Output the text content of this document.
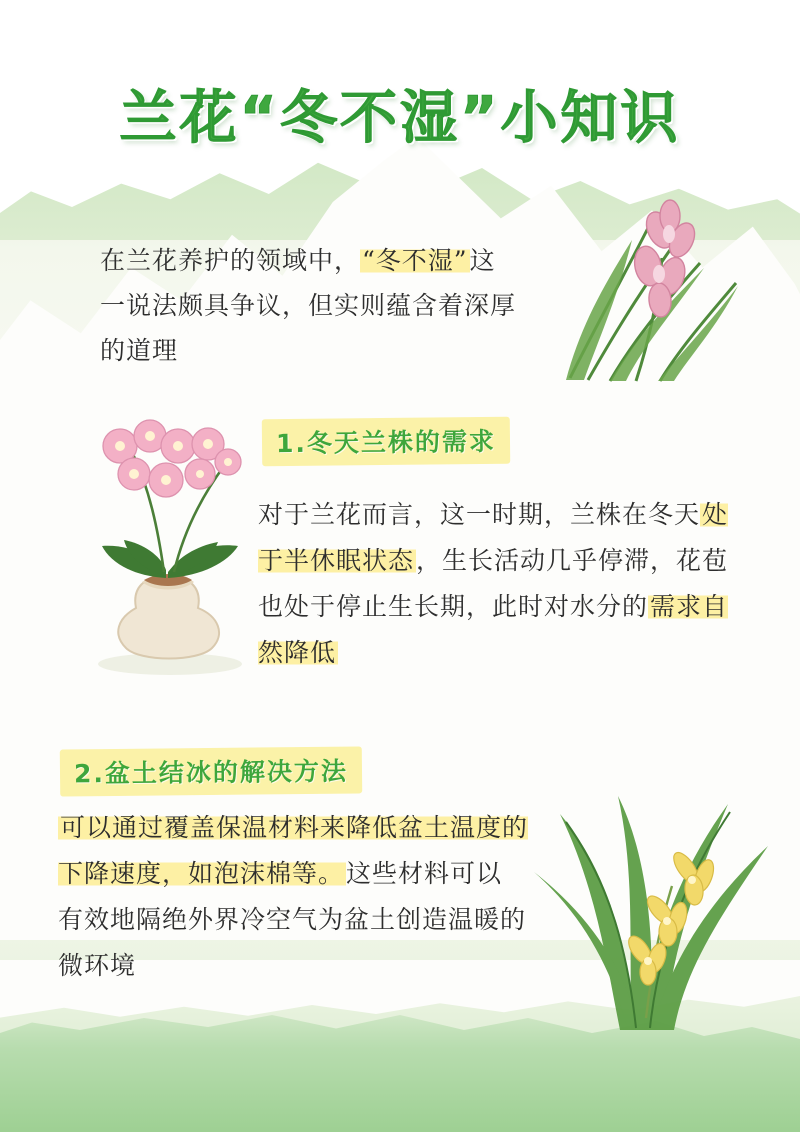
兰花“冬不湿”小知识
在兰花养护的领域中，“冬不湿”这一说法颇具争议，但实则蕴含着深厚的道理
1.冬天兰株的需求
对于兰花而言，这一时期，兰株在冬天处于半休眠状态，生长活动几乎停滞，花苞也处于停止生长期，此时对水分的需求自然降低
2.盆土结冰的解决方法
可以通过覆盖保温材料来降低盆土温度的下降速度，如泡沫棉等。这些材料可以有效地隔绝外界冷空气为盆土创造温暖的微环境
